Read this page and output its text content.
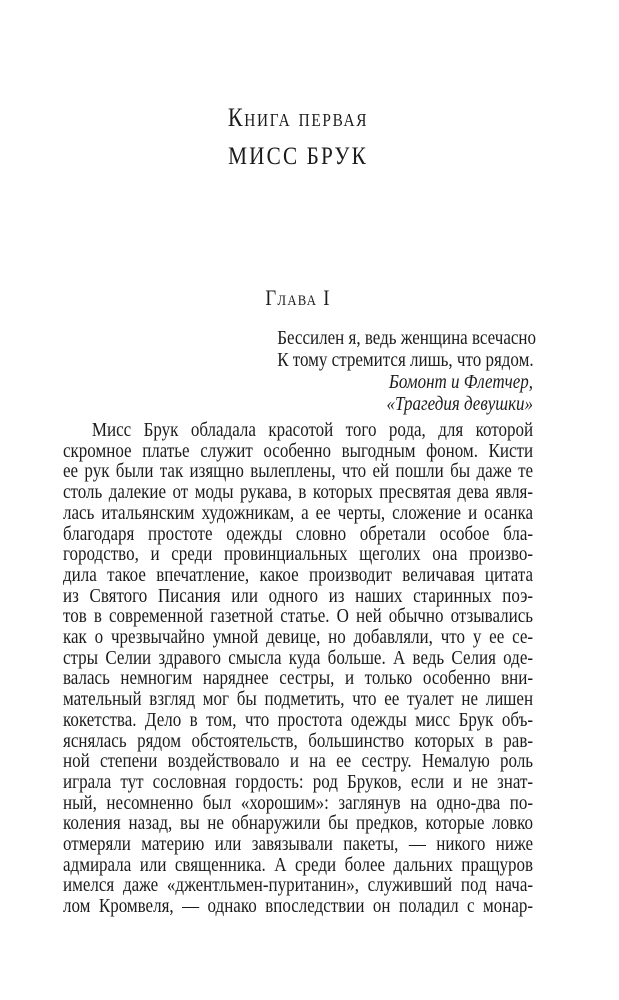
Книга первая
МИСС БРУК
Глава I
Бессилен я, ведь женщина всечасно
К тому стремится лишь, что рядом.
Бомонт и Флетчер,
«Трагедия девушки»
Мисс Брук обладала красотой того рода, для которой
скромное платье служит особенно выгодным фоном. Кисти
ее рук были так изящно вылеплены, что ей пошли бы даже те
столь далекие от моды рукава, в которых пресвятая дева явля-
лась итальянским художникам, а ее черты, сложение и осанка
благодаря простоте одежды словно обретали особое бла-
городство, и среди провинциальных щеголих она произво-
дила такое впечатление, какое производит величавая цитата
из Святого Писания или одного из наших старинных поэ-
тов в современной газетной статье. О ней обычно отзывались
как о чрезвычайно умной девице, но добавляли, что у ее се-
стры Селии здравого смысла куда больше. А ведь Селия оде-
валась немногим наряднее сестры, и только особенно вни-
мательный взгляд мог бы подметить, что ее туалет не лишен
кокетства. Дело в том, что простота одежды мисс Брук объ-
яснялась рядом обстоятельств, большинство которых в рав-
ной степени воздействовало и на ее сестру. Немалую роль
играла тут сословная гордость: род Бруков, если и не знат-
ный, несомненно был «хорошим»: заглянув на одно-два по-
коления назад, вы не обнаружили бы предков, которые ловко
отмеряли материю или завязывали пакеты, — никого ниже
адмирала или священника. А среди более дальних пращуров
имелся даже «джентльмен-пуританин», служивший под нача-
лом Кромвеля, — однако впоследствии он поладил с монар-
